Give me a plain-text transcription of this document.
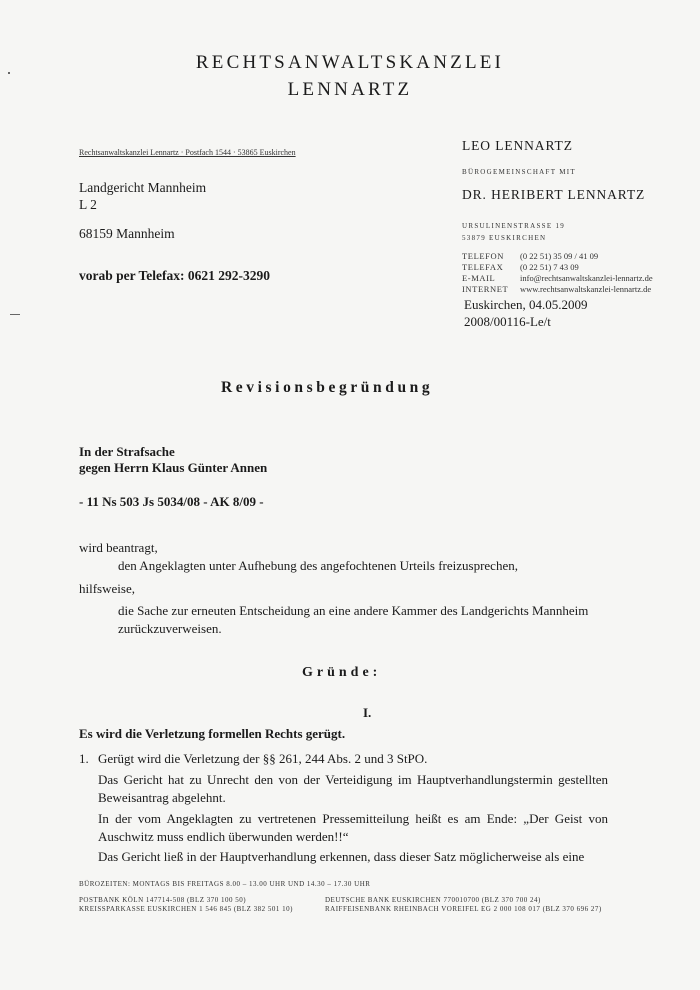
RECHTSANWALTSKANZLEI
LENNARTZ
Rechtsanwaltskanzlei Lennartz · Postfach 1544 · 53865 Euskirchen
Landgericht Mannheim
L 2
68159 Mannheim
vorab per Telefax: 0621 292-3290
LEO LENNARTZ
BÜROGEMEINSCHAFT MIT
DR. HERIBERT LENNARTZ
URSULINENSTRASSE 19
53879 EUSKIRCHEN
TELEFON (0 22 51) 35 09 / 41 09
TELEFAX (0 22 51) 7 43 09
E-MAIL	info@rechtsanwaltskanzlei-lennartz.de
INTERNET www.rechtsanwaltskanzlei-lennartz.de
Euskirchen, 04.05.2009
2008/00116-Le/t
Revisionsbegründung
In der Strafsache
gegen Herrn Klaus Günter Annen
- 11 Ns 503 Js 5034/08 - AK 8/09 -
wird beantragt,
den Angeklagten unter Aufhebung des angefochtenen Urteils freizusprechen,
hilfsweise,
die Sache zur erneuten Entscheidung an eine andere Kammer des Landgerichts Mannheim
zurückzuverweisen.
Gründe:
I.
Es wird die Verletzung formellen Rechts gerügt.
1. Gerügt wird die Verletzung der §§ 261, 244 Abs. 2 und 3 StPO.
Das Gericht hat zu Unrecht den von der Verteidigung im Hauptverhandlungstermin gestellten Beweisantrag abgelehnt.
In der vom Angeklagten zu vertretenen Pressemitteilung heißt es am Ende: „Der Geist von Auschwitz muss endlich überwunden werden!!“
Das Gericht ließ in der Hauptverhandlung erkennen, dass dieser Satz möglicherweise als eine
BÜROZEITEN: MONTAGS BIS FREITAGS 8.00 – 13.00 UHR UND 14.30 – 17.30 UHR
POSTBANK KÖLN 147714-508 (BLZ 370 100 50)
KREISSPARKASSE EUSKIRCHEN 1 546 845 (BLZ 382 501 10)
DEUTSCHE BANK EUSKIRCHEN 770010700 (BLZ 370 700 24)
RAIFFEISENBANK RHEINBACH VOREIFEL EG 2 000 108 017 (BLZ 370 696 27)
